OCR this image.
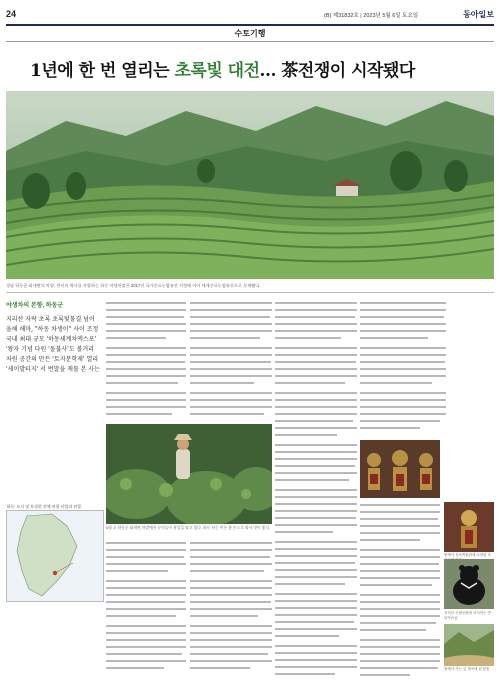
24	(B) 제31832호 | 2023년 5월 6일 토요일	동아일보
수토기행
1년에 한 번 열리는 초록빛 대전… 茶전쟁이 시작됐다
경남 하동군 화개면의 차밭. 천년의 역사를 자랑하는 하동 야생차밭은 2017년 국가중요농업유산 지정에 이어 세계중요농업유산으로 등재됐다.
야생차의 본향, 하동군
지리산 자락 초록 초록빛물결 넘어
올해 해마, "하동 차생이" 사이 조정
국내 최대 규모 '하동세계차엑스포'
'왕자 기념 다원 '돌불사'도 볼거리
차원 공간의 만든 '토지문학제' 열리
'세이발티지' 서 번말을 재물 본 사는
'하동' 도시 및 보성편 전체 관광 산업과 관할.
5월 초 하동군 화개면 차밭에서 농민들이 찻잎을 따고 있다. 하동 차는 이른 봄 손으로 따서 맛이 좋다.
쌍계사 성보박물관에 소장된 조
지리산 국립공원에 서식하는 반달가슴곰.
쌍계사 가는 길 계곡에 핀 봄꽃.
